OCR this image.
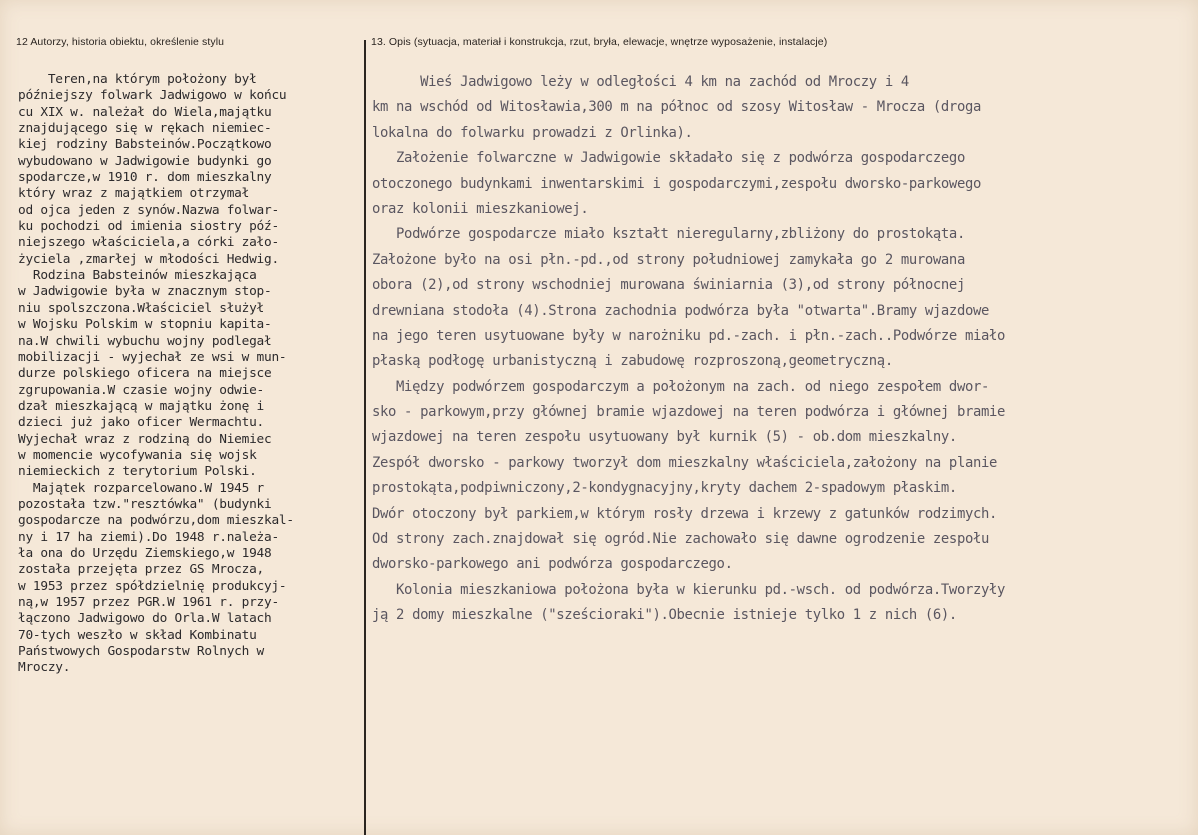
12 Autorzy, historia obiektu, określenie stylu	13. Opis (sytuacja, materiał i konstrukcja, rzut, bryła, elewacje, wnętrze wyposażenie, instalacje)
Teren,na którym położony był
późniejszy folwark Jadwigowo w końcu
cu XIX w. należał do Wiela,majątku
znajdującego się w rękach niemiec-
kiej rodziny Babsteinów.Początkowo
wybudowano w Jadwigowie budynki go
spodarcze,w 1910 r. dom mieszkalny
który wraz z majątkiem otrzymał
od ojca jeden z synów.Nazwa folwar-
ku pochodzi od imienia siostry póź-
niejszego właściciela,a córki zało-
życiela ,zmarłej w młodości Hedwig.
Rodzina Babsteinów mieszkająca
w Jadwigowie była w znacznym stop-
niu spolszczona.Właściciel służył
w Wojsku Polskim w stopniu kapita-
na.W chwili wybuchu wojny podlegał
mobilizacji - wyjechał ze wsi w mun-
durze polskiego oficera na miejsce
zgrupowania.W czasie wojny odwie-
dzał mieszkającą w majątku żonę i
dzieci już jako oficer Wermachtu.
Wyjechał wraz z rodziną do Niemiec
w momencie wycofywania się wojsk
niemieckich z terytorium Polski.
Majątek rozparcelowano.W 1945 r
pozostała tzw."resztówka" (budynki
gospodarcze na podwórzu,dom mieszkal-
ny i 17 ha ziemi).Do 1948 r.należa-
ła ona do Urzędu Ziemskiego,w 1948
została przejęta przez GS Mrocza,
w 1953 przez spółdzielnię produkcyj-
ną,w 1957 przez PGR.W 1961 r. przy-
łączono Jadwigowo do Orla.W latach
70-tych weszło w skład Kombinatu
Państwowych Gospodarstw Rolnych w
Mroczy.
Wieś Jadwigowo leży w odległości 4 km na zachód od Mroczy i 4
km na wschód od Witosławia,300 m na północ od szosy Witosław - Mrocza (droga
lokalna do folwarku prowadzi z Orlinka).
Założenie folwarczne w Jadwigowie składało się z podwórza gospodarczego
otoczonego budynkami inwentarskimi i gospodarczymi,zespołu dworsko-parkowego
oraz kolonii mieszkaniowej.
Podwórze gospodarcze miało kształt nieregularny,zbliżony do prostokąta.
Założone było na osi płn.-pd.,od strony południowej zamykała go 2 murowana
obora (2),od strony wschodniej murowana świniarnia (3),od strony północnej
drewniana stodoła (4).Strona zachodnia podwórza była "otwarta".Bramy wjazdowe
na jego teren usytuowane były w narożniku pd.-zach. i płn.-zach..Podwórze miało
płaską podłogę urbanistyczną i zabudowę rozproszoną,geometryczną.
Między podwórzem gospodarczym a położonym na zach. od niego zespołem dwor-
sko - parkowym,przy głównej bramie wjazdowej na teren podwórza i głównej bramie
wjazdowej na teren zespołu usytuowany był kurnik (5) - ob.dom mieszkalny.
Zespół dworsko - parkowy tworzył dom mieszkalny właściciela,założony na planie
prostokąta,podpiwniczony,2-kondygnacyjny,kryty dachem 2-spadowym płaskim.
Dwór otoczony był parkiem,w którym rosły drzewa i krzewy z gatunków rodzimych.
Od strony zach.znajdował się ogród.Nie zachowało się dawne ogrodzenie zespołu
dworsko-parkowego ani podwórza gospodarczego.
Kolonia mieszkaniowa położona była w kierunku pd.-wsch. od podwórza.Tworzyły
ją 2 domy mieszkalne ("sześcioraki").Obecnie istnieje tylko 1 z nich (6).
